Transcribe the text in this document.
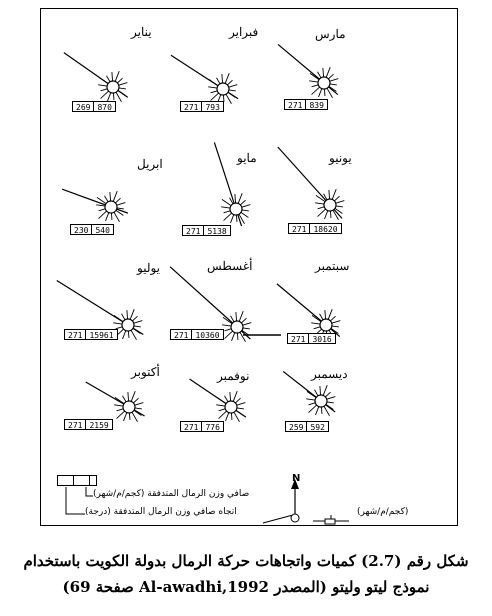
يناير	فبراير	مارس
ابريل	مايو	يونيو
يوليو	أغسطس	سبتمبر
أكتوبر	نوفمبر	ديسمبر
269 870	271 793	271 839
230 540	271 5138	271 18620
271 15961	271 10360	271 3016
271 2159	271 776	259 592
صافي وزن الرمال المتدفقة (كجم/م/شهر)
اتجاه صافي وزن الرمال المتدفقة (درجة)	(كجم/م/شهر)
N
شكل رقم (2.7) كميات واتجاهات حركة الرمال بدولة الكويت باستخدام
نموذج ليتو وليتو (المصدر Al-awadhi,1992 صفحة 69)
